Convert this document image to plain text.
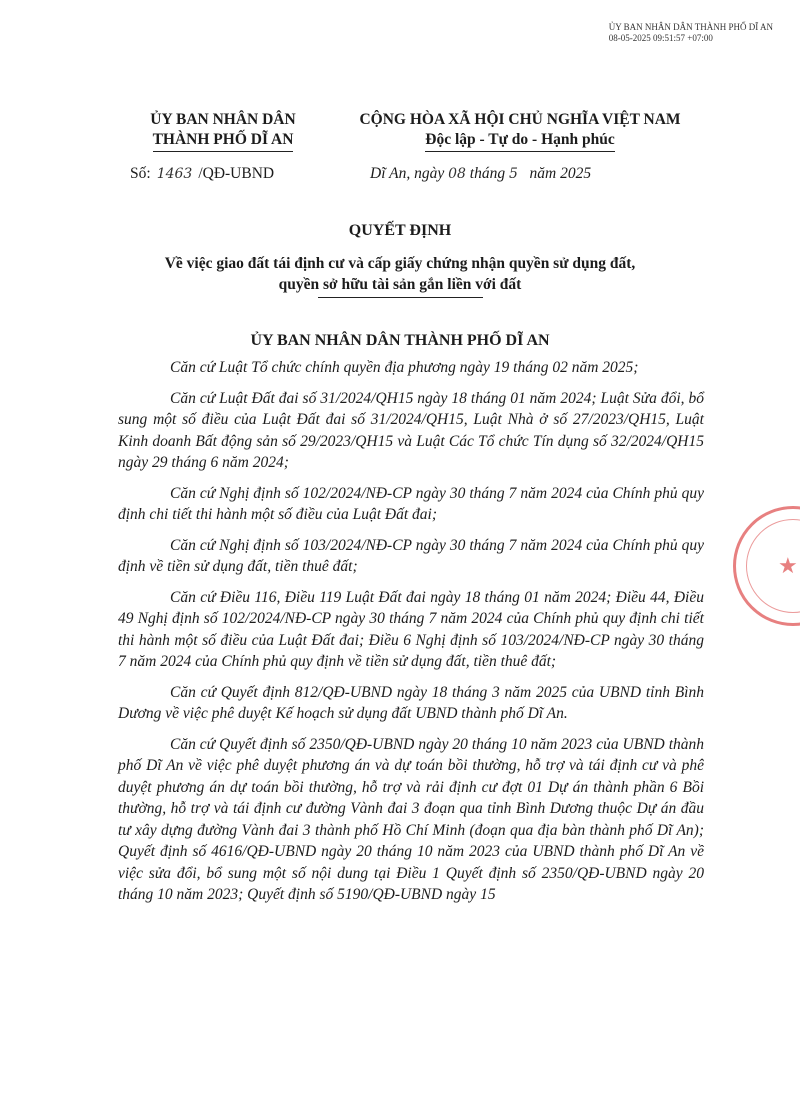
ỦY BAN NHÂN DÂN THÀNH PHỐ DĨ AN
08-05-2025 09:51:57 +07:00
ỦY BAN NHÂN DÂN
THÀNH PHỐ DĨ AN
CỘNG HÒA XÃ HỘI CHỦ NGHĨA VIỆT NAM
Độc lập - Tự do - Hạnh phúc
Số: 1463 /QĐ-UBND	Dĩ An, ngày 08 tháng 5   năm 2025
QUYẾT ĐỊNH
Về việc giao đất tái định cư và cấp giấy chứng nhận quyền sử dụng đất,
quyền sở hữu tài sản gắn liền với đất
ỦY BAN NHÂN DÂN THÀNH PHỐ DĨ AN

Căn cứ Luật Tổ chức chính quyền địa phương ngày 19 tháng 02 năm 2025;

Căn cứ Luật Đất đai số 31/2024/QH15 ngày 18 tháng 01 năm 2024; Luật Sửa đổi, bổ sung một số điều của Luật Đất đai số 31/2024/QH15, Luật Nhà ở số 27/2023/QH15, Luật Kinh doanh Bất động sản số 29/2023/QH15 và Luật Các Tổ chức Tín dụng số 32/2024/QH15 ngày 29 tháng 6 năm 2024;

Căn cứ Nghị định số 102/2024/NĐ-CP ngày 30 tháng 7 năm 2024 của Chính phủ quy định chi tiết thi hành một số điều của Luật Đất đai;

Căn cứ Nghị định số 103/2024/NĐ-CP ngày 30 tháng 7 năm 2024 của Chính phủ quy định về tiền sử dụng đất, tiền thuê đất;

Căn cứ Điều 116, Điều 119 Luật Đất đai ngày 18 tháng 01 năm 2024; Điều 44, Điều 49 Nghị định số 102/2024/NĐ-CP ngày 30 tháng 7 năm 2024 của Chính phủ quy định chi tiết thi hành một số điều của Luật Đất đai; Điều 6 Nghị định số 103/2024/NĐ-CP ngày 30 tháng 7 năm 2024 của Chính phủ quy định về tiền sử dụng đất, tiền thuê đất;

Căn cứ Quyết định 812/QĐ-UBND ngày 18 tháng 3 năm 2025 của UBND tỉnh Bình Dương về việc phê duyệt Kế hoạch sử dụng đất UBND thành phố Dĩ An.

Căn cứ Quyết định số 2350/QĐ-UBND ngày 20 tháng 10 năm 2023 của UBND thành phố Dĩ An về việc phê duyệt phương án và dự toán bồi thường, hỗ trợ và tái định cư và phê duyệt phương án dự toán bồi thường, hỗ trợ và rải định cư đợt 01 Dự án thành phần 6 Bồi thường, hỗ trợ và tái định cư đường Vành đai 3 đoạn qua tỉnh Bình Dương thuộc Dự án đầu tư xây dựng đường Vành đai 3 thành phố Hồ Chí Minh (đoạn qua địa bàn thành phố Dĩ An); Quyết định số 4616/QĐ-UBND ngày 20 tháng 10 năm 2023 của UBND thành phố Dĩ An về việc sửa đổi, bổ sung một số nội dung tại Điều 1 Quyết định số 2350/QĐ-UBND ngày 20 tháng 10 năm 2023; Quyết định số 5190/QĐ-UBND ngày 15

★
